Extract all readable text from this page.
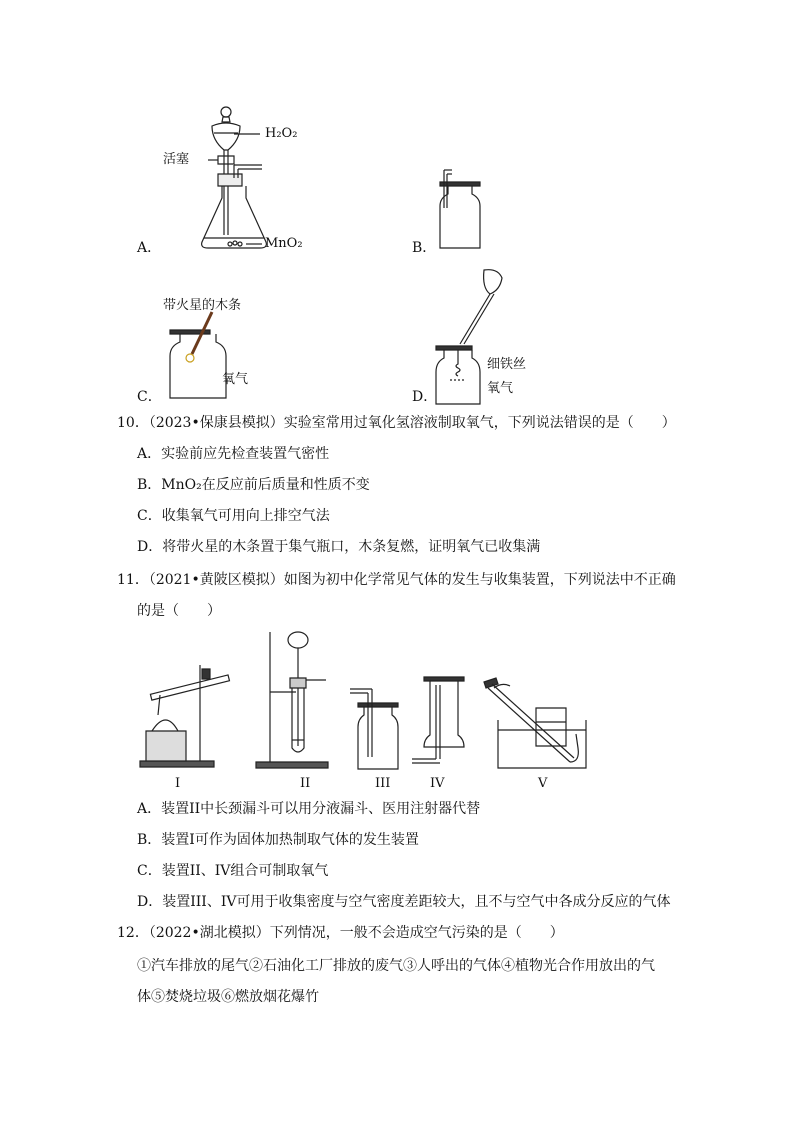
A．
活塞
H₂O₂
MnO₂	B．
C．
带火星的木条
氧气
D．
细铁丝
氧气
10．（2023•保康县模拟）实验室常用过氧化氢溶液制取氧气，下列说法错误的是（　　）
A．实验前应先检查装置气密性
B．MnO₂在反应前后质量和性质不变
C．收集氧气可用向上排空气法
D．将带火星的木条置于集气瓶口，木条复燃，证明氧气已收集满
11．（2021•黄陂区模拟）如图为初中化学常见气体的发生与收集装置，下列说法中不正确
的是（　　）
I	II	III	IV	V
A．装置II中长颈漏斗可以用分液漏斗、医用注射器代替
B．装置I可作为固体加热制取气体的发生装置
C．装置II、IV组合可制取氧气
D．装置III、IV可用于收集密度与空气密度差距较大，且不与空气中各成分反应的气体
12．（2022•湖北模拟）下列情况，一般不会造成空气污染的是（　　）
①汽车排放的尾气②石油化工厂排放的废气③人呼出的气体④植物光合作用放出的气
体⑤焚烧垃圾⑥燃放烟花爆竹
